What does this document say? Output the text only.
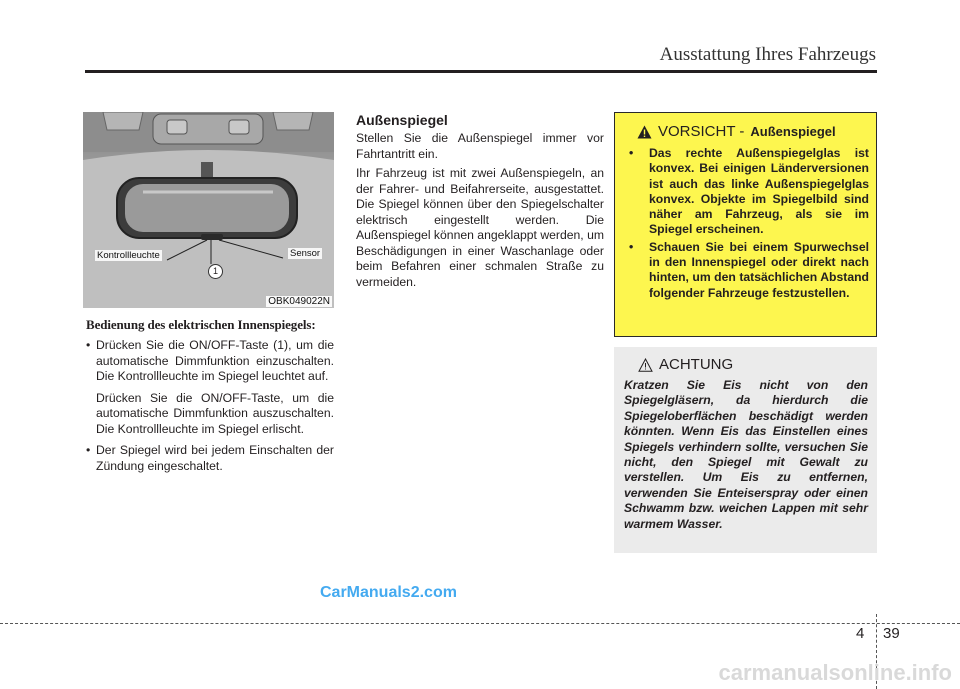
Ausstattung Ihres Fahrzeugs
Kontrollleuchte	Sensor
OBK049022N
1

Bedienung des elektrischen Innenspiegels:

• Drücken Sie die ON/OFF-Taste (1), um die automatische Dimmfunktion einzuschalten. Die Kontrollleuchte im Spiegel leuchtet auf.
Drücken Sie die ON/OFF-Taste, um die automatische Dimmfunktion auszuschalten. Die Kontrollleuchte im Spiegel erlischt.
• Der Spiegel wird bei jedem Einschalten der Zündung eingeschaltet.
Außenspiegel

Stellen Sie die Außenspiegel immer vor Fahrtantritt ein.

Ihr Fahrzeug ist mit zwei Außenspiegeln, an der Fahrer- und Beifahrerseite, ausgestattet. Die Spiegel können über den Spiegelschalter elektrisch eingestellt werden. Die Außenspiegel können angeklappt werden, um Beschädigungen in einer Waschanlage oder beim Befahren einer schmalen Straße zu vermeiden.

VORSICHT - Außenspiegel
• Das rechte Außenspiegelglas ist konvex. Bei einigen Länderversionen ist auch das linke Außenspiegelglas konvex. Objekte im Spiegelbild sind näher am Fahrzeug, als sie im Spiegel erscheinen.
• Schauen Sie bei einem Spurwechsel in den Innenspiegel oder direkt nach hinten, um den tatsächlichen Abstand folgender Fahrzeuge festzustellen.
ACHTUNG

Kratzen Sie Eis nicht von den Spiegelgläsern, da hierdurch die Spiegeloberflächen beschädigt werden könnten. Wenn Eis das Einstellen eines Spiegels verhindern sollte, versuchen Sie nicht, den Spiegel mit Gewalt zu verstellen. Um Eis zu entfernen, verwenden Sie Enteiserspray oder einen Schwamm bzw. weichen Lappen mit sehr warmem Wasser.

CarManuals2.com
4 39
carmanualsonline.info
